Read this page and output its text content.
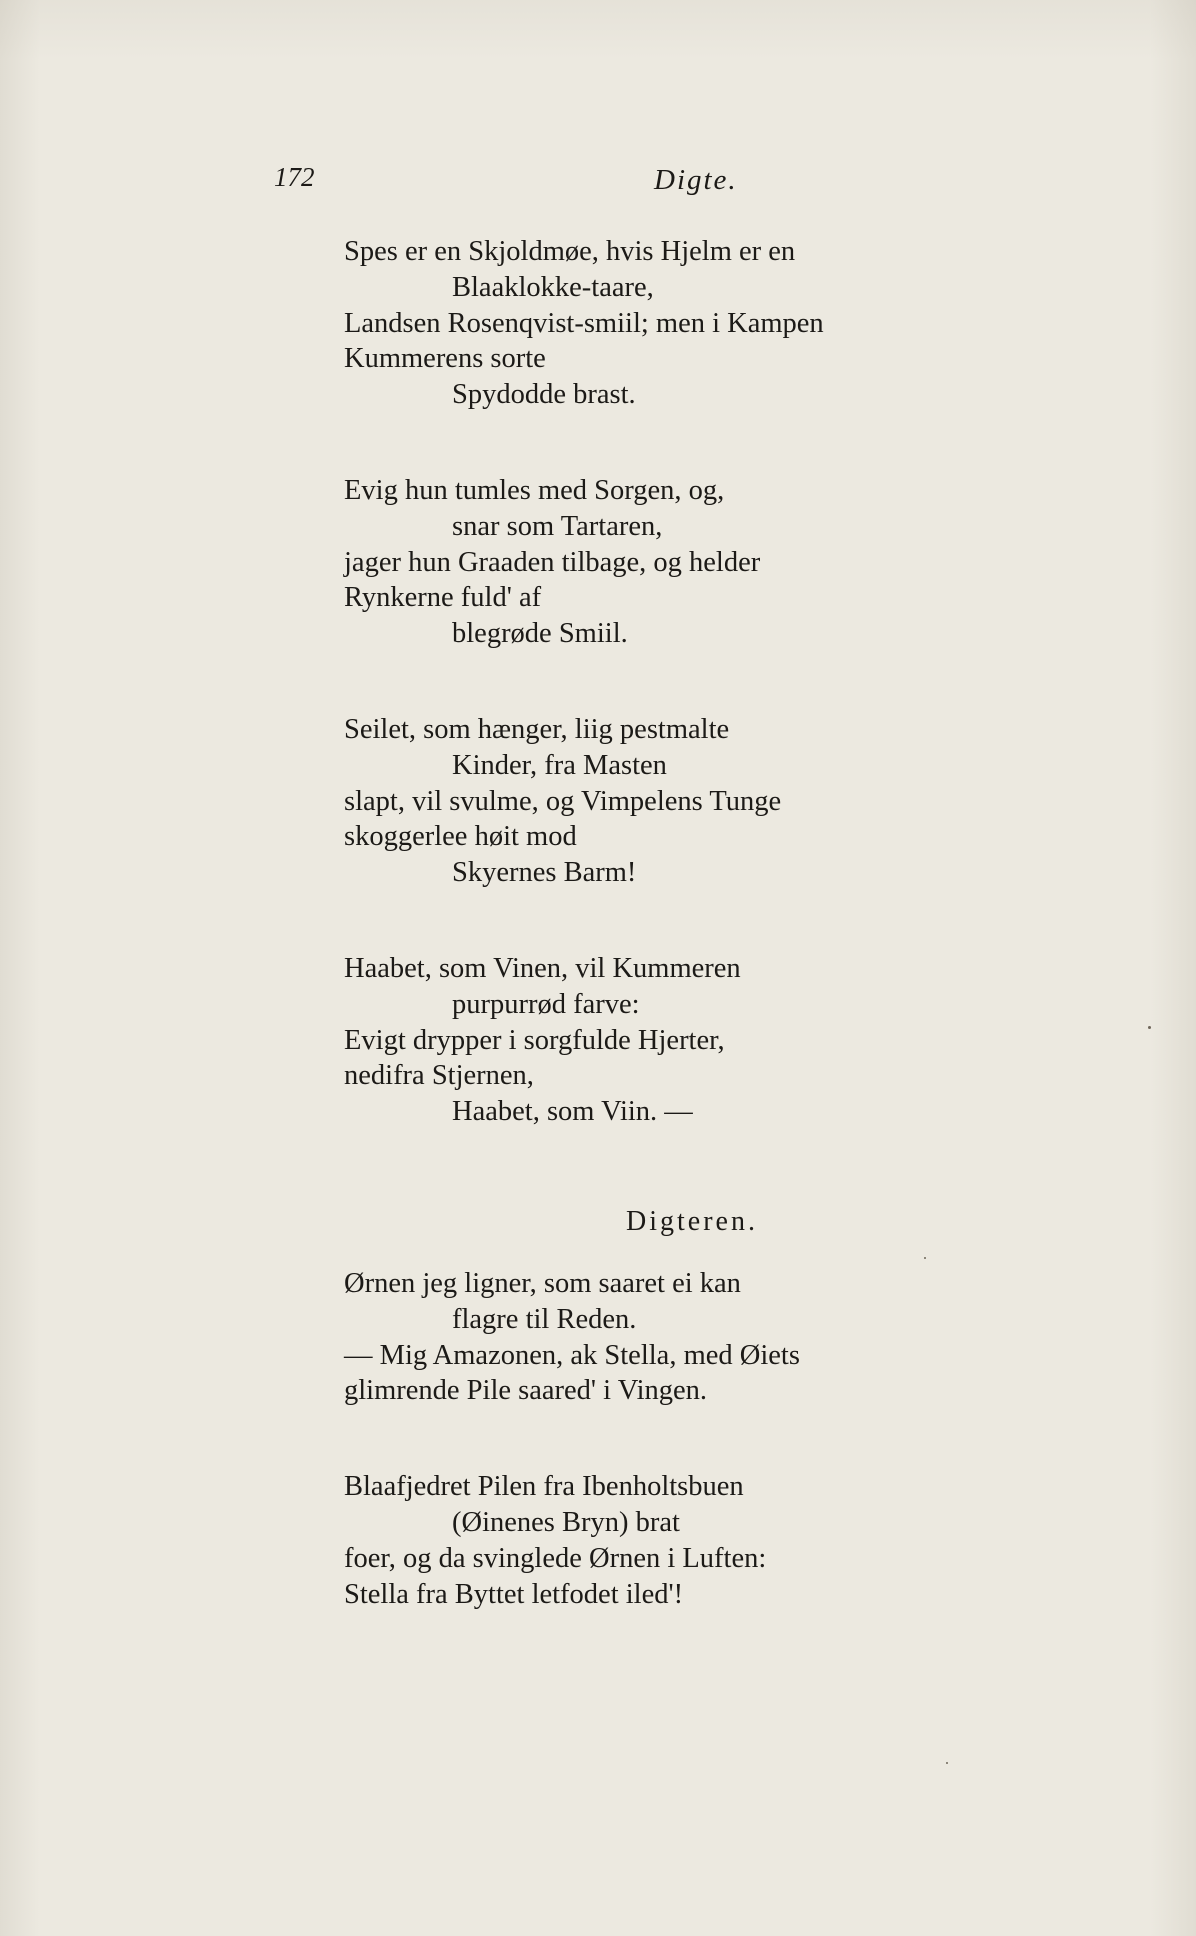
172	Digte.
Spes er en Skjoldmøe, hvis Hjelm er en
Blaaklokke-taare,
Landsen Rosenqvist-smiil; men i Kampen
Kummerens sorte
Spydodde brast.
Evig hun tumles med Sorgen, og,
snar som Tartaren,
jager hun Graaden tilbage, og helder
Rynkerne fuld' af
blegrøde Smiil.
Seilet, som hænger, liig pestmalte
Kinder, fra Masten
slapt, vil svulme, og Vimpelens Tunge
skoggerlee høit mod
Skyernes Barm!
Haabet, som Vinen, vil Kummeren
purpurrød farve:
Evigt drypper i sorgfulde Hjerter,
nedifra Stjernen,
Haabet, som Viin. —
Digteren.
Ørnen jeg ligner, som saaret ei kan
flagre til Reden.
— Mig Amazonen, ak Stella, med Øiets
glimrende Pile saared' i Vingen.
Blaafjedret Pilen fra Ibenholtsbuen
(Øinenes Bryn) brat
foer, og da svinglede Ørnen i Luften:
Stella fra Byttet letfodet iled'!
